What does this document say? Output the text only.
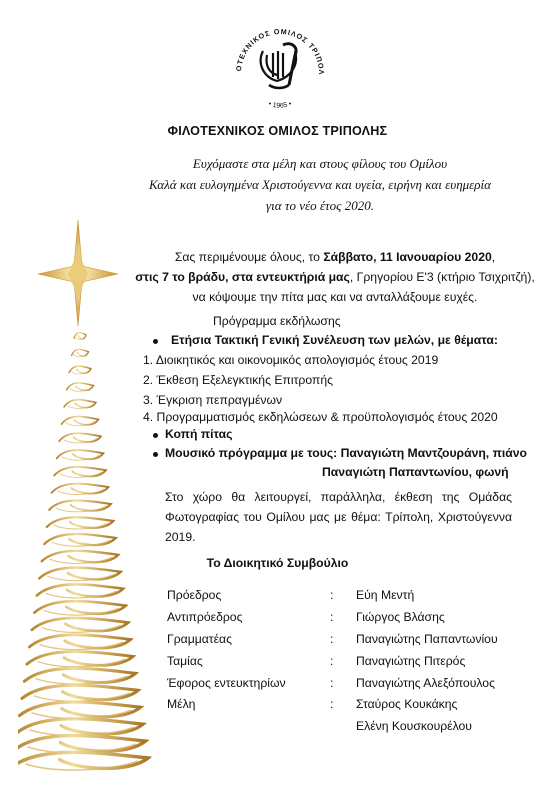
ΟΤΕΧΝΙΚΟΣ ΟΜΙΛΟΣ ΤΡΙΠΟΛ
• 1965 •
ΦΙΛΟΤΕΧΝΙΚΟΣ ΟΜΙΛΟΣ ΤΡΙΠΟΛΗΣ
Ευχόμαστε στα μέλη και στους φίλους του Ομίλου
Καλά και ευλογημένα Χριστούγεννα και υγεία, ειρήνη και ευημερία
για το νέο έτος 2020.
Σας περιμένουμε όλους, το Σάββατο, 11 Ιανουαρίου 2020,
στις 7 το βράδυ, στα εντευκτήριά μας, Γρηγορίου Ε'3 (κτήριο Τσιχριτζή),
να κόψουμε την πίτα μας και να ανταλλάξουμε ευχές.
Πρόγραμμα εκδήλωσης
Ετήσια Τακτική Γενική Συνέλευση των μελών, με θέματα:
1. Διοικητικός και οικονομικός απολογισμός έτους 2019
2. Έκθεση Εξελεγκτικής Επιτροπής
3. Έγκριση πεπραγμένων
4. Προγραμματισμός εκδηλώσεων & προϋπολογισμός έτους 2020
Κοπή πίτας
Μουσικό πρόγραμμα με τους: Παναγιώτη Μαντζουράνη, πιάνο
Παναγιώτη Παπαντωνίου, φωνή
Στο χώρο θα λειτουργεί, παράλληλα, έκθεση της Ομάδας Φωτογραφίας του Ομίλου μας με θέμα: Τρίπολη, Χριστούγεννα 2019.
Το Διοικητικό Συμβούλιο
Πρόεδρος	: Εύη Μεντή
Αντιπρόεδρος	: Γιώργος Βλάσης
Γραμματέας	: Παναγιώτης Παπαντωνίου
Ταμίας	: Παναγιώτης Πιτερός
Έφορος εντευκτηρίων	: Παναγιώτης Αλεξόπουλος
Μέλη	: Σταύρος Κουκάκης
Ελένη Κουσκουρέλου
